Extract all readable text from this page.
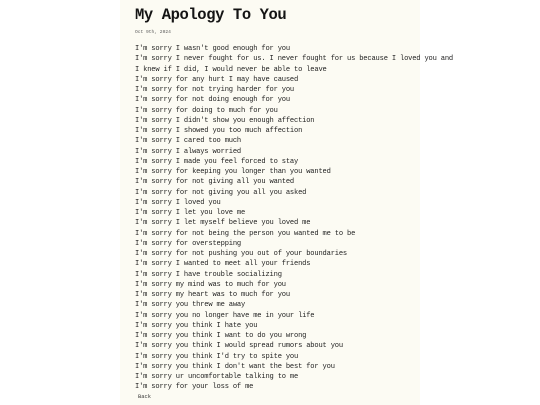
My Apology To You
Oct 9th, 2024
I'm sorry I wasn't good enough for you
I'm sorry I never fought for us. I never fought for us because I loved you and
I knew if I did, I would never be able to leave
I'm sorry for any hurt I may have caused
I'm sorry for not trying harder for you
I'm sorry for not doing enough for you
I'm sorry for doing to much for you
I'm sorry I didn't show you enough affection
I'm sorry I showed you too much affection
I'm sorry I cared too much
I'm sorry I always worried
I'm sorry I made you feel forced to stay
I'm sorry for keeping you longer than you wanted
I'm sorry for not giving all you wanted
I'm sorry for not giving you all you asked
I'm sorry I loved you
I'm sorry I let you love me
I'm sorry I let myself believe you loved me
I'm sorry for not being the person you wanted me to be
I'm sorry for overstepping
I'm sorry for not pushing you out of your boundaries
I'm sorry I wanted to meet all your friends
I'm sorry I have trouble socializing
I'm sorry my mind was to much for you
I'm sorry my heart was to much for you
I'm sorry you threw me away
I'm sorry you no longer have me in your life
I'm sorry you think I hate you
I'm sorry you think I want to do you wrong
I'm sorry you think I would spread rumors about you
I'm sorry you think I'd try to spite you
I'm sorry you think I don't want the best for you
I'm sorry ur uncomfortable talking to me
I'm sorry for your loss of me
Back
